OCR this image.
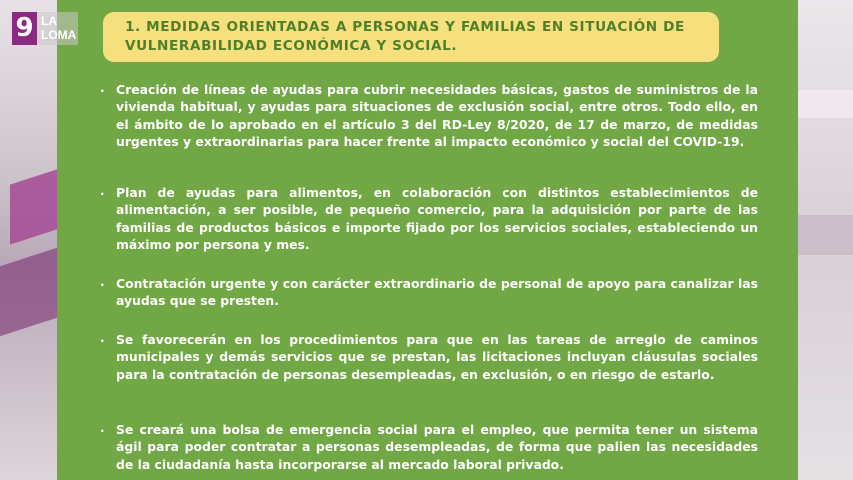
9 LA
LOMA	1. MEDIDAS ORIENTADAS A PERSONAS Y FAMILIAS EN SITUACIÓN DE
VULNERABILIDAD ECONÓMICA Y SOCIAL.
· Creación de líneas de ayudas para cubrir necesidades básicas, gastos de suministros de la vivienda habitual, y ayudas para situaciones de exclusión social, entre otros. Todo ello, en el ámbito de lo aprobado en el artículo 3 del RD-Ley 8/2020, de 17 de marzo, de medidas urgentes y extraordinarias para hacer frente al impacto económico y social del COVID-19.
· Plan de ayudas para alimentos, en colaboración con distintos establecimientos de alimentación, a ser posible, de pequeño comercio, para la adquisición por parte de las familias de productos básicos e importe fijado por los servicios sociales, estableciendo un máximo por persona y mes.
· Contratación urgente y con carácter extraordinario de personal de apoyo para canalizar las ayudas que se presten.
· Se favorecerán en los procedimientos para que en las tareas de arreglo de caminos municipales y demás servicios que se prestan, las licitaciones incluyan cláusulas sociales para la contratación de personas desempleadas, en exclusión, o en riesgo de estarlo.
· Se creará una bolsa de emergencia social para el empleo, que permita tener un sistema ágil para poder contratar a personas desempleadas, de forma que palien las necesidades de la ciudadanía hasta incorporarse al mercado laboral privado.
